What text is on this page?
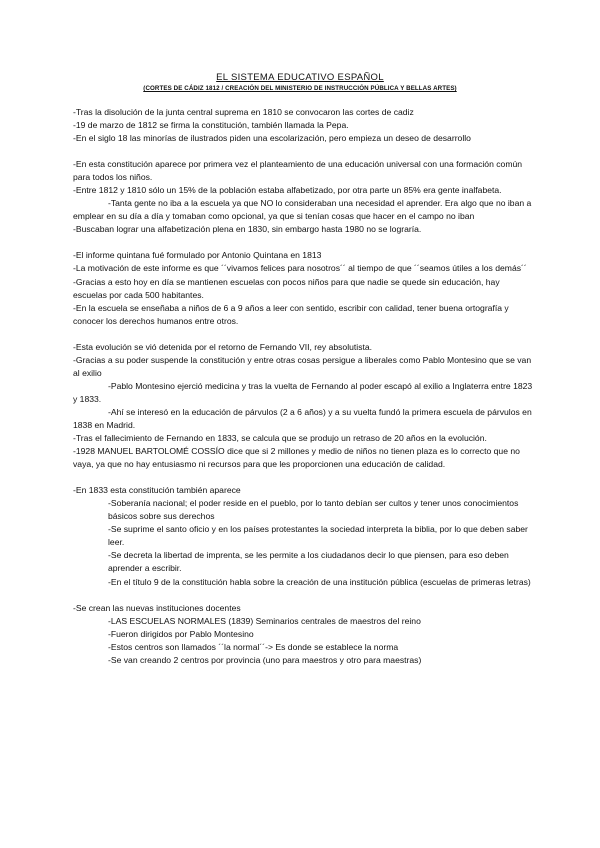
EL SISTEMA EDUCATIVO ESPAÑOL
(CORTES DE CÁDIZ 1812 / CREACIÓN DEL MINISTERIO DE INSTRUCCIÓN PÚBLICA Y BELLAS ARTES)

-Tras la disolución de la junta central suprema en 1810 se convocaron las cortes de cadiz

-19 de marzo de 1812 se firma la constitución, también llamada la Pepa.

-En el siglo 18 las minorías de ilustrados piden una escolarización, pero empieza un deseo de desarrollo

-En esta constitución aparece por primera vez el planteamiento de una educación universal con una formación común para todos los niños.

-Entre 1812 y 1810 sólo un 15% de la población estaba alfabetizado, por otra parte un 85% era gente inalfabeta.

-Tanta gente no iba a la escuela ya que NO lo consideraban una necesidad el aprender. Era algo que no iban a emplear en su día a día y tomaban como opcional, ya que si tenían cosas que hacer en el campo no iban

-Buscaban lograr una alfabetización plena en 1830, sin embargo hasta 1980 no se lograría.

-El informe quintana fué formulado por Antonio Quintana en 1813

-La motivación de este informe es que ´´vivamos felices para nosotros´´ al tiempo de que ´´seamos útiles a los demás´´

-Gracias a esto hoy en día se mantienen escuelas con pocos niños para que nadie se quede sin educación, hay escuelas por cada 500 habitantes.

-En la escuela se enseñaba a niños de 6 a 9 años a leer con sentido, escribir con calidad, tener buena ortografía y conocer los derechos humanos entre otros.

-Esta evolución se vió detenida por el retorno de Fernando VII, rey absolutista.

-Gracias a su poder suspende la constitución y entre otras cosas persigue a liberales como Pablo Montesino que se van al exilio

-Pablo Montesino ejerció medicina y tras la vuelta de Fernando al poder escapó al exilio a Inglaterra entre 1823 y 1833.

-Ahí se interesó en la educación de párvulos (2 a 6 años) y a su vuelta fundó la primera escuela de párvulos en 1838 en Madrid.

-Tras el fallecimiento de Fernando en 1833, se calcula que se produjo un retraso de 20 años en la evolución.

-1928 MANUEL BARTOLOMÉ COSSÍO dice que si 2 millones y medio de niños no tienen plaza es lo correcto que no vaya, ya que no hay entusiasmo ni recursos para que les proporcionen una educación de calidad.

-En 1833 esta constitución también aparece

-Soberanía nacional; el poder reside en el pueblo, por lo tanto debían ser cultos y tener unos conocimientos básicos sobre sus derechos

-Se suprime el santo oficio y en los países protestantes la sociedad interpreta la biblia, por lo que deben saber leer.

-Se decreta la libertad de imprenta, se les permite a los ciudadanos decir lo que piensen, para eso deben aprender a escribir.

-En el título 9 de la constitución habla sobre la creación de una institución pública (escuelas de primeras letras)

-Se crean las nuevas instituciones docentes

-LAS ESCUELAS NORMALES (1839) Seminarios centrales de maestros del reino

-Fueron dirigidos por Pablo Montesino

-Estos centros son llamados ´´la normal´´-> Es donde se establece la norma

-Se van creando 2 centros por provincia (uno para maestros y otro para maestras)
